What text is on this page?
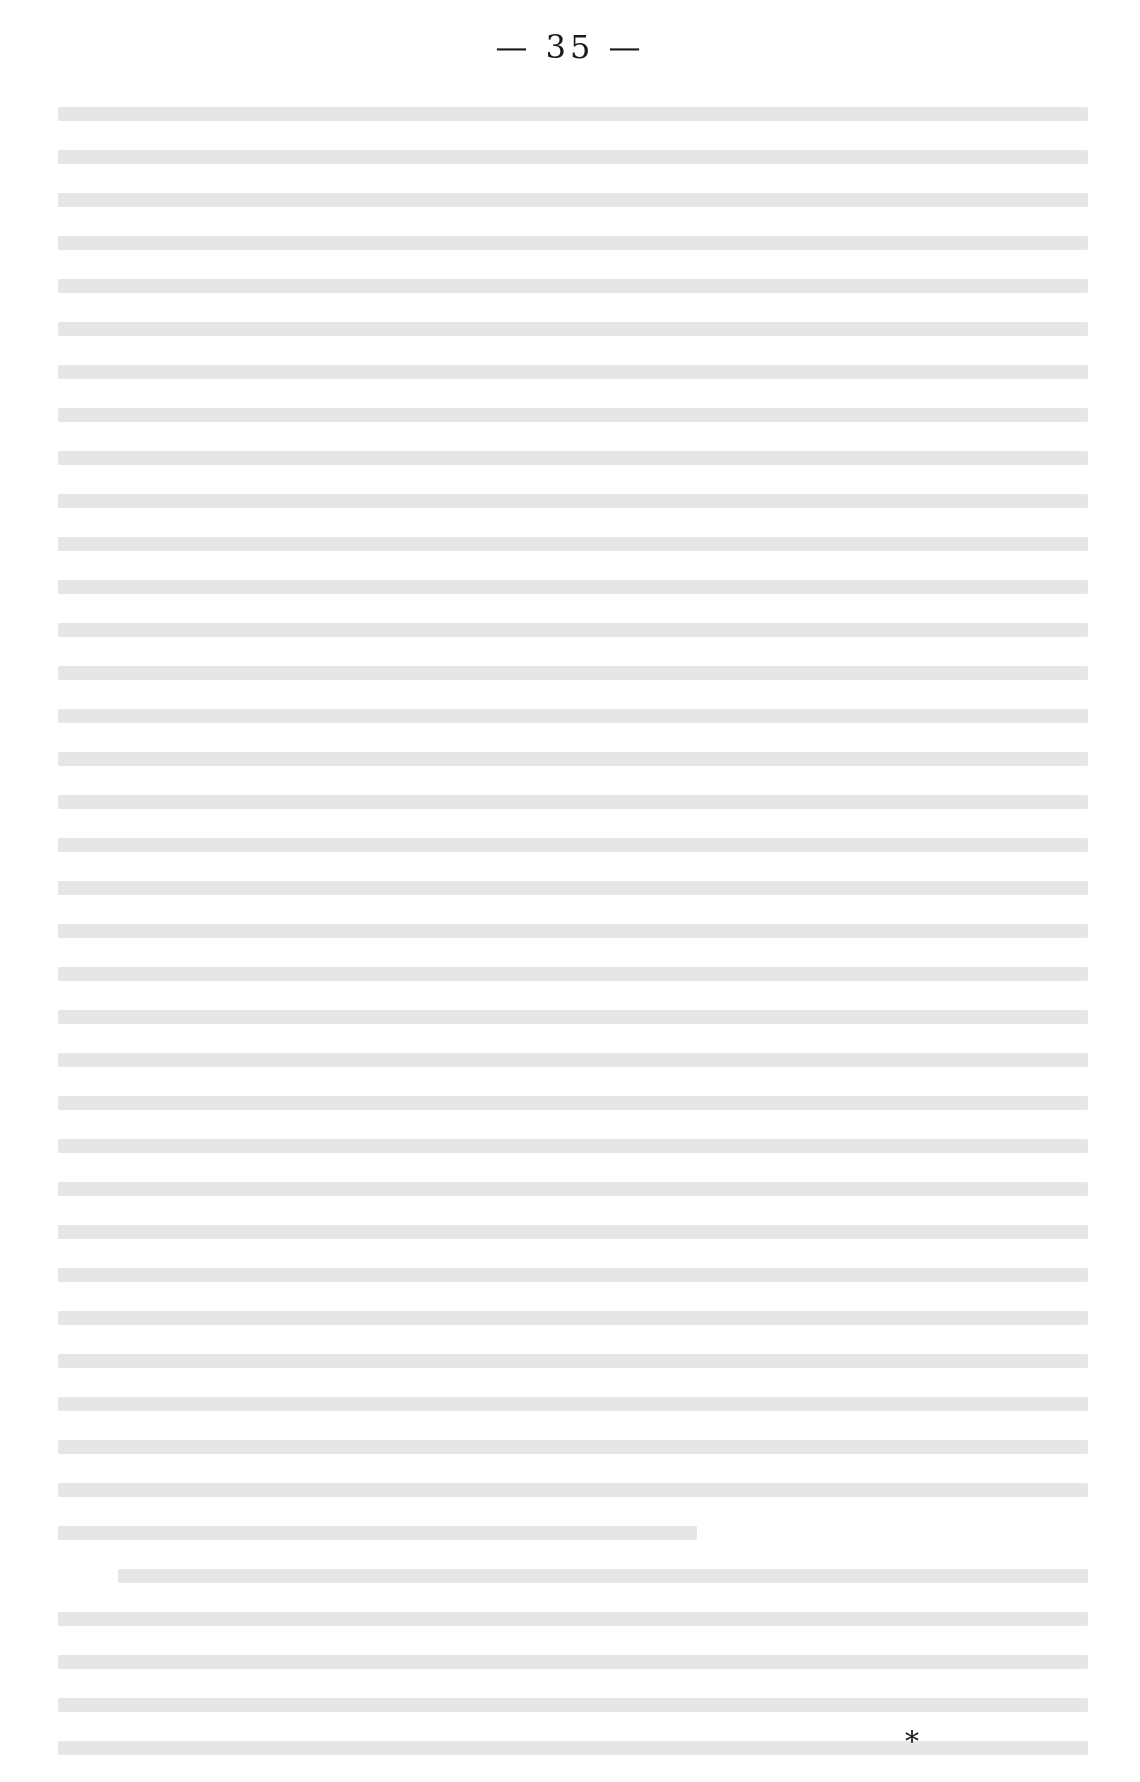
— 35 —
*
